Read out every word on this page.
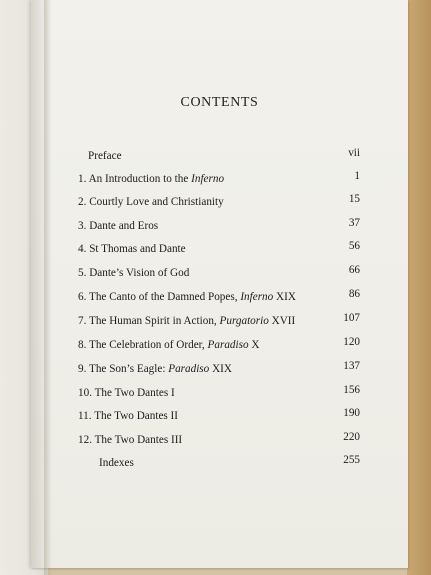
CONTENTS
Preface	vii
1. An Introduction to the Inferno	1
2. Courtly Love and Christianity	15
3. Dante and Eros	37
4. St Thomas and Dante	56
5. Dante’s Vision of God	66
6. The Canto of the Damned Popes, Inferno XIX	86
7. The Human Spirit in Action, Purgatorio XVII	107
8. The Celebration of Order, Paradiso X	120
9. The Son’s Eagle: Paradiso XIX	137
10. The Two Dantes I	156
11. The Two Dantes II	190
12. The Two Dantes III	220
Indexes	255
